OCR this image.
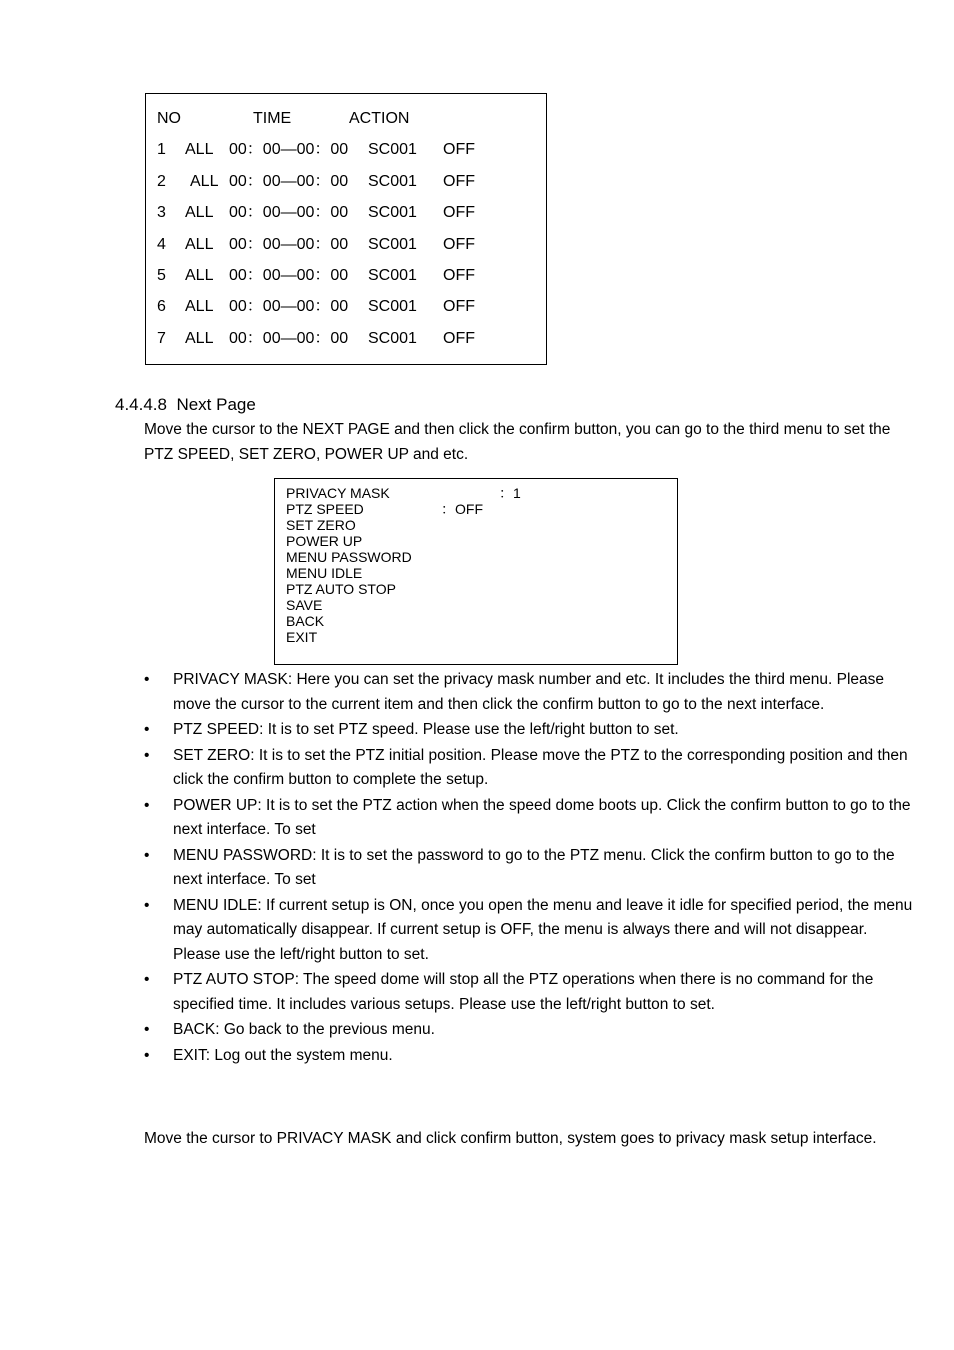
NO	TIME	ACTION
1 ALL 00：00—00：00 SC001 OFF
2 ALL 00：00—00：00 SC001 OFF
3 ALL 00：00—00：00 SC001 OFF
4 ALL 00：00—00：00 SC001 OFF
5 ALL 00：00—00：00 SC001 OFF
6 ALL 00：00—00：00 SC001 OFF
7 ALL 00：00—00：00 SC001 OFF
4.4.4.8 Next Page
Move the cursor to the NEXT PAGE and then click the confirm button, you can go to the third menu to set the PTZ SPEED, SET ZERO, POWER UP and etc.
PRIVACY MASK	：1
PTZ SPEED	：OFF
SET ZERO
POWER UP
MENU PASSWORD
MENU IDLE
PTZ AUTO STOP
SAVE
BACK
EXIT
• PRIVACY MASK: Here you can set the privacy mask number and etc. It includes the third menu. Please move the cursor to the current item and then click the confirm button to go to the next interface.
• PTZ SPEED: It is to set PTZ speed. Please use the left/right button to set.
• SET ZERO: It is to set the PTZ initial position. Please move the PTZ to the corresponding position and then click the confirm button to complete the setup.
• POWER UP: It is to set the PTZ action when the speed dome boots up. Click the confirm button to go to the next interface. To set
• MENU PASSWORD: It is to set the password to go to the PTZ menu. Click the confirm button to go to the next interface. To set
• MENU IDLE: If current setup is ON, once you open the menu and leave it idle for specified period, the menu may automatically disappear. If current setup is OFF, the menu is always there and will not disappear. Please use the left/right button to set.
• PTZ AUTO STOP: The speed dome will stop all the PTZ operations when there is no command for the specified time. It includes various setups. Please use the left/right button to set.
• BACK: Go back to the previous menu.
• EXIT: Log out the system menu.
Move the cursor to PRIVACY MASK and click confirm button, system goes to privacy mask setup interface.
